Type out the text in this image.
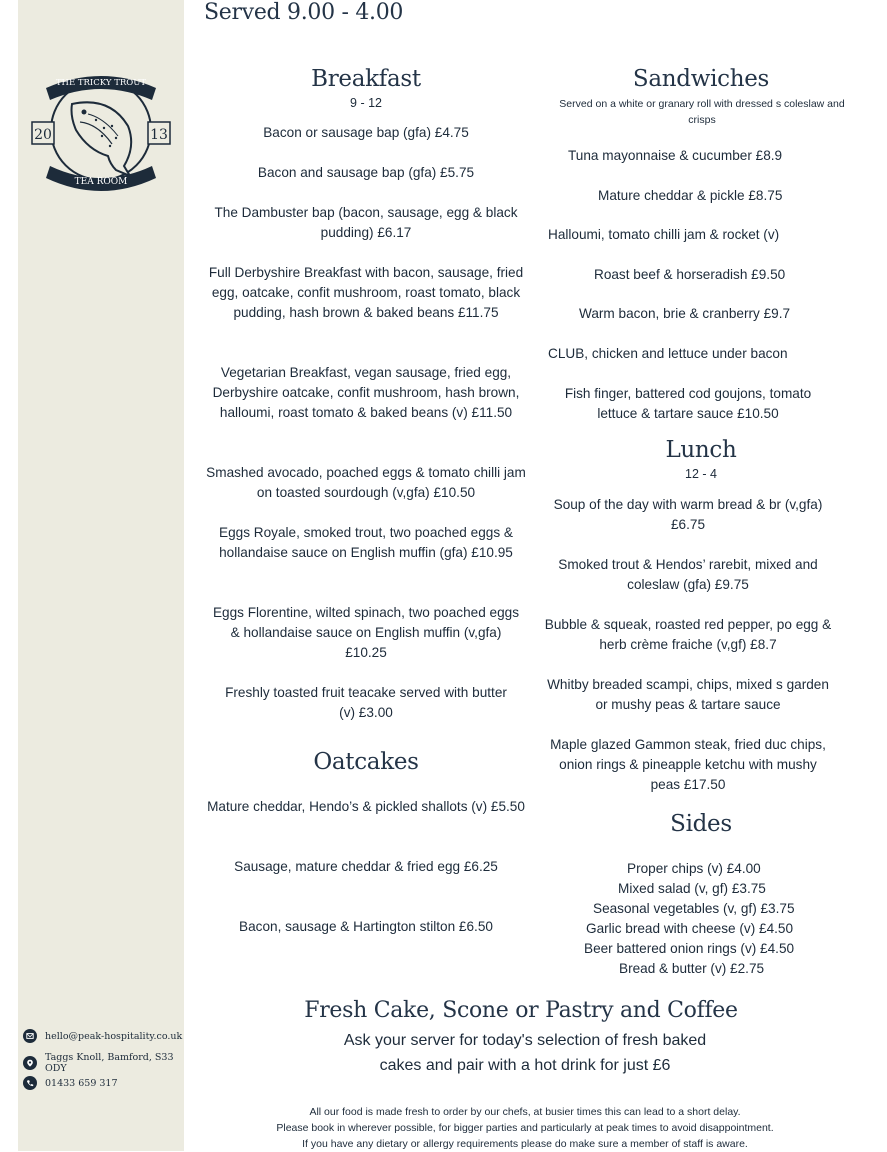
THE TRICKY TROUT
20	13
TEA ROOM
hello@peak-hospitality.co.uk
Taggs Knoll, Bamford, S33 ODY
01433 659 317
Served 9.00 - 4.00
Breakfast
9 - 12
Bacon or sausage bap (gfa) £4.75
Bacon and sausage bap (gfa) £5.75
The Dambuster bap (bacon, sausage, egg & black pudding) £6.17
Full Derbyshire Breakfast with bacon, sausage, fried egg, oatcake, confit mushroom, roast tomato, black pudding, hash brown & baked beans £11.75
Vegetarian Breakfast, vegan sausage, fried egg, Derbyshire oatcake, confit mushroom, hash brown, halloumi, roast tomato & baked beans (v) £11.50
Smashed avocado, poached eggs & tomato chilli jam on toasted sourdough (v,gfa) £10.50
Eggs Royale, smoked trout, two poached eggs & hollandaise sauce on English muffin (gfa) £10.95
Eggs Florentine, wilted spinach, two poached eggs & hollandaise sauce on English muffin (v,gfa) £10.25
Freshly toasted fruit teacake served with butter (v) £3.00
Oatcakes
Mature cheddar, Hendo’s & pickled shallots (v) £5.50
Sausage, mature cheddar & fried egg £6.25
Bacon, sausage & Hartington stilton £6.50
Sandwiches
Served on a white or granary roll with dressed s coleslaw and crisps
Tuna mayonnaise & cucumber £8.9
Mature cheddar & pickle £8.75
Halloumi, tomato chilli jam & rocket (v)
Roast beef & horseradish £9.50
Warm bacon, brie & cranberry £9.7
CLUB, chicken and lettuce under bacon
Fish finger, battered cod goujons, tomato lettuce & tartare sauce £10.50
Lunch
12 - 4
Soup of the day with warm bread & br (v,gfa) £6.75
Smoked trout & Hendos’ rarebit, mixed and coleslaw (gfa) £9.75
Bubble & squeak, roasted red pepper, po egg & herb crème fraiche (v,gf) £8.7
Whitby breaded scampi, chips, mixed s garden or mushy peas & tartare sauce
Maple glazed Gammon steak, fried duc chips, onion rings & pineapple ketchu with mushy peas £17.50
Sides
Proper chips (v) £4.00
Mixed salad (v, gf) £3.75
Seasonal vegetables (v, gf) £3.75
Garlic bread with cheese (v) £4.50
Beer battered onion rings (v) £4.50
Bread & butter (v) £2.75
Fresh Cake, Scone or Pastry and Coffee
Ask your server for today's selection of fresh baked
cakes and pair with a hot drink for just £6
All our food is made fresh to order by our chefs, at busier times this can lead to a short delay.
Please book in wherever possible, for bigger parties and particularly at peak times to avoid disappointment.
If you have any dietary or allergy requirements please do make sure a member of staff is aware.
